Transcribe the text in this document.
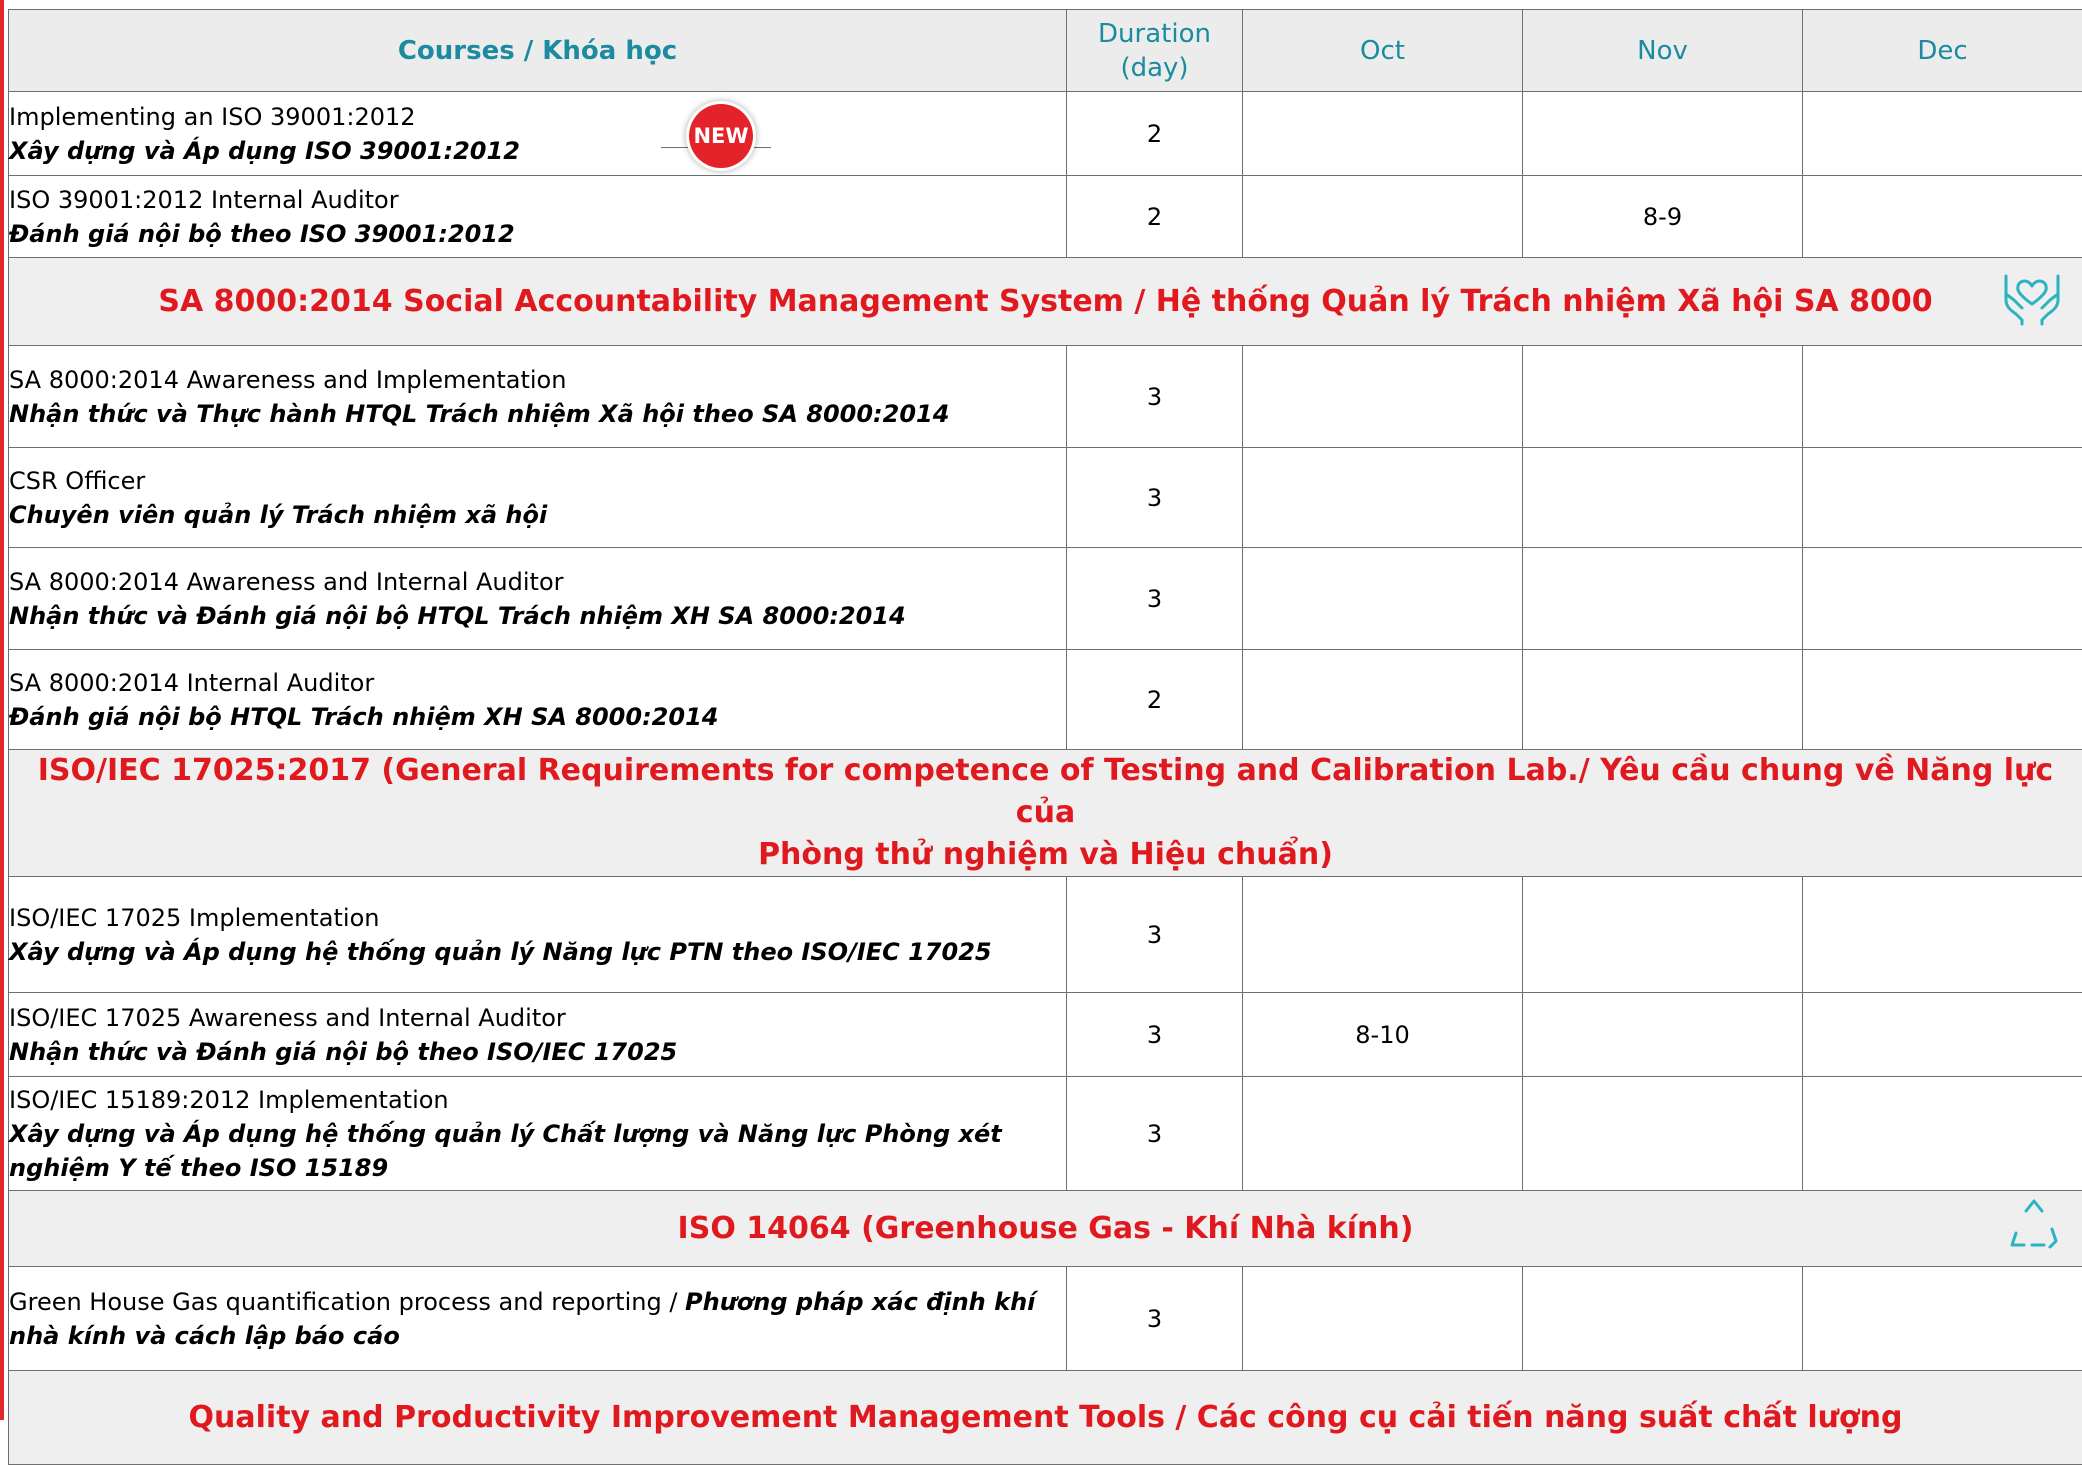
Courses / Khóa học	Duration
(day)	Oct	Nov	Dec

Implementing an ISO 39001:2012
Xây dựng và Áp dụng ISO 39001:2012
NEW	2			

ISO 39001:2012 Internal Auditor
Đánh giá nội bộ theo ISO 39001:2012	2		8-9	
SA 8000:2014 Social Accountability Management System / Hệ thống Quản lý Trách nhiệm Xã hội SA 8000				

SA 8000:2014 Awareness and Implementation
Nhận thức và Thực hành HTQL Trách nhiệm Xã hội theo SA 8000:2014	3			

CSR Officer
Chuyên viên quản lý Trách nhiệm xã hội	3			

SA 8000:2014 Awareness and Internal Auditor
Nhận thức và Đánh giá nội bộ HTQL Trách nhiệm XH SA 8000:2014	3			

SA 8000:2014 Internal Auditor
Đánh giá nội bộ HTQL Trách nhiệm XH SA 8000:2014	2			
ISO/IEC 17025:2017 (General Requirements for competence of Testing and Calibration Lab./ Yêu cầu chung về Năng lực của
Phòng thử nghiệm và Hiệu chuẩn)				

ISO/IEC 17025 Implementation
Xây dựng và Áp dụng hệ thống quản lý Năng lực PTN theo ISO/IEC 17025	3			

ISO/IEC 17025 Awareness and Internal Auditor
Nhận thức và Đánh giá nội bộ theo ISO/IEC 17025	3	8-10		

ISO/IEC 15189:2012 Implementation
Xây dựng và Áp dụng hệ thống quản lý Chất lượng và Năng lực Phòng xét nghiệm Y tế theo ISO 15189	3			
ISO 14064 (Greenhouse Gas - Khí Nhà kính)				

Green House Gas quantification process and reporting / Phương pháp xác định khí nhà kính và cách lập báo cáo	3			
Quality and Productivity Improvement Management Tools / Các công cụ cải tiến năng suất chất lượng				
